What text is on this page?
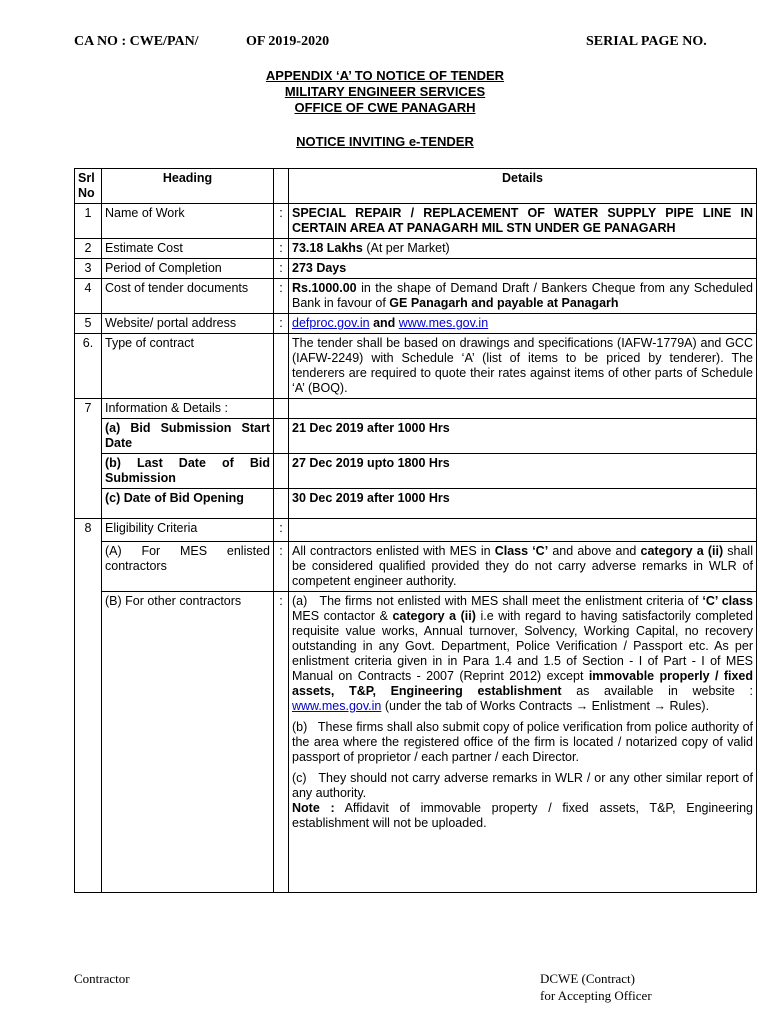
CA NO : CWE/PAN/	OF 2019-2020	SERIAL PAGE NO.
APPENDIX ‘A’ TO NOTICE OF TENDER
MILITARY ENGINEER SERVICES
OFFICE OF CWE PANAGARH
NOTICE INVITING e-TENDER
Srl No	Heading		Details
1	Name of Work	:	SPECIAL REPAIR / REPLACEMENT OF WATER SUPPLY PIPE LINE IN CERTAIN AREA AT PANAGARH MIL STN UNDER GE PANAGARH
2	Estimate Cost	:	73.18 Lakhs (At per Market)
3	Period of Completion	:	273 Days
4	Cost of tender documents	:	Rs.1000.00 in the shape of Demand Draft / Bankers Cheque from any Scheduled Bank in favour of GE Panagarh and payable at Panagarh
5	Website/ portal address	:	defproc.gov.in and www.mes.gov.in
6.	Type of contract		The tender shall be based on drawings and specifications (IAFW-1779A) and GCC (IAFW-2249) with Schedule ‘A’ (list of items to be priced by tenderer). The tenderers are required to quote their rates against items of other parts of Schedule ‘A’ (BOQ).
7	Information & Details :		
	(a) Bid Submission Start Date		21 Dec 2019 after 1000 Hrs
	(b) Last Date of Bid Submission		27 Dec 2019 upto 1800 Hrs
	(c) Date of Bid Opening		30 Dec 2019 after 1000 Hrs
8	Eligibility Criteria	:	
	(A) For MES enlisted contractors	:	All contractors enlisted with MES in Class ‘C’ and above and category a (ii) shall be considered qualified provided they do not carry adverse remarks in WLR of competent engineer authority.
	(B) For other contractors	:	(a)   The firms not enlisted with MES shall meet the enlistment criteria of ‘C’ class MES contactor & category a (ii) i.e with regard to having satisfactorily completed requisite value works, Annual turnover, Solvency, Working Capital, no recovery outstanding in any Govt. Department, Police Verification / Passport etc. As per enlistment criteria given in in Para 1.4 and 1.5 of Section - I of Part - I of MES Manual on Contracts - 2007 (Reprint 2012) except immovable properly / fixed assets, T&P, Engineering establishment as available in website : www.mes.gov.in (under the tab of Works Contracts → Enlistment → Rules).

(b)   These firms shall also submit copy of police verification from police authority of the area where the registered office of the firm is located / notarized copy of valid passport of proprietor / each partner / each Director.

(c)   They should not carry adverse remarks in WLR / or any other similar report of any authority.
Note : Affidavit of immovable property / fixed assets, T&P, Engineering establishment will not be uploaded.

Contractor	DCWE (Contract)
for Accepting Officer
